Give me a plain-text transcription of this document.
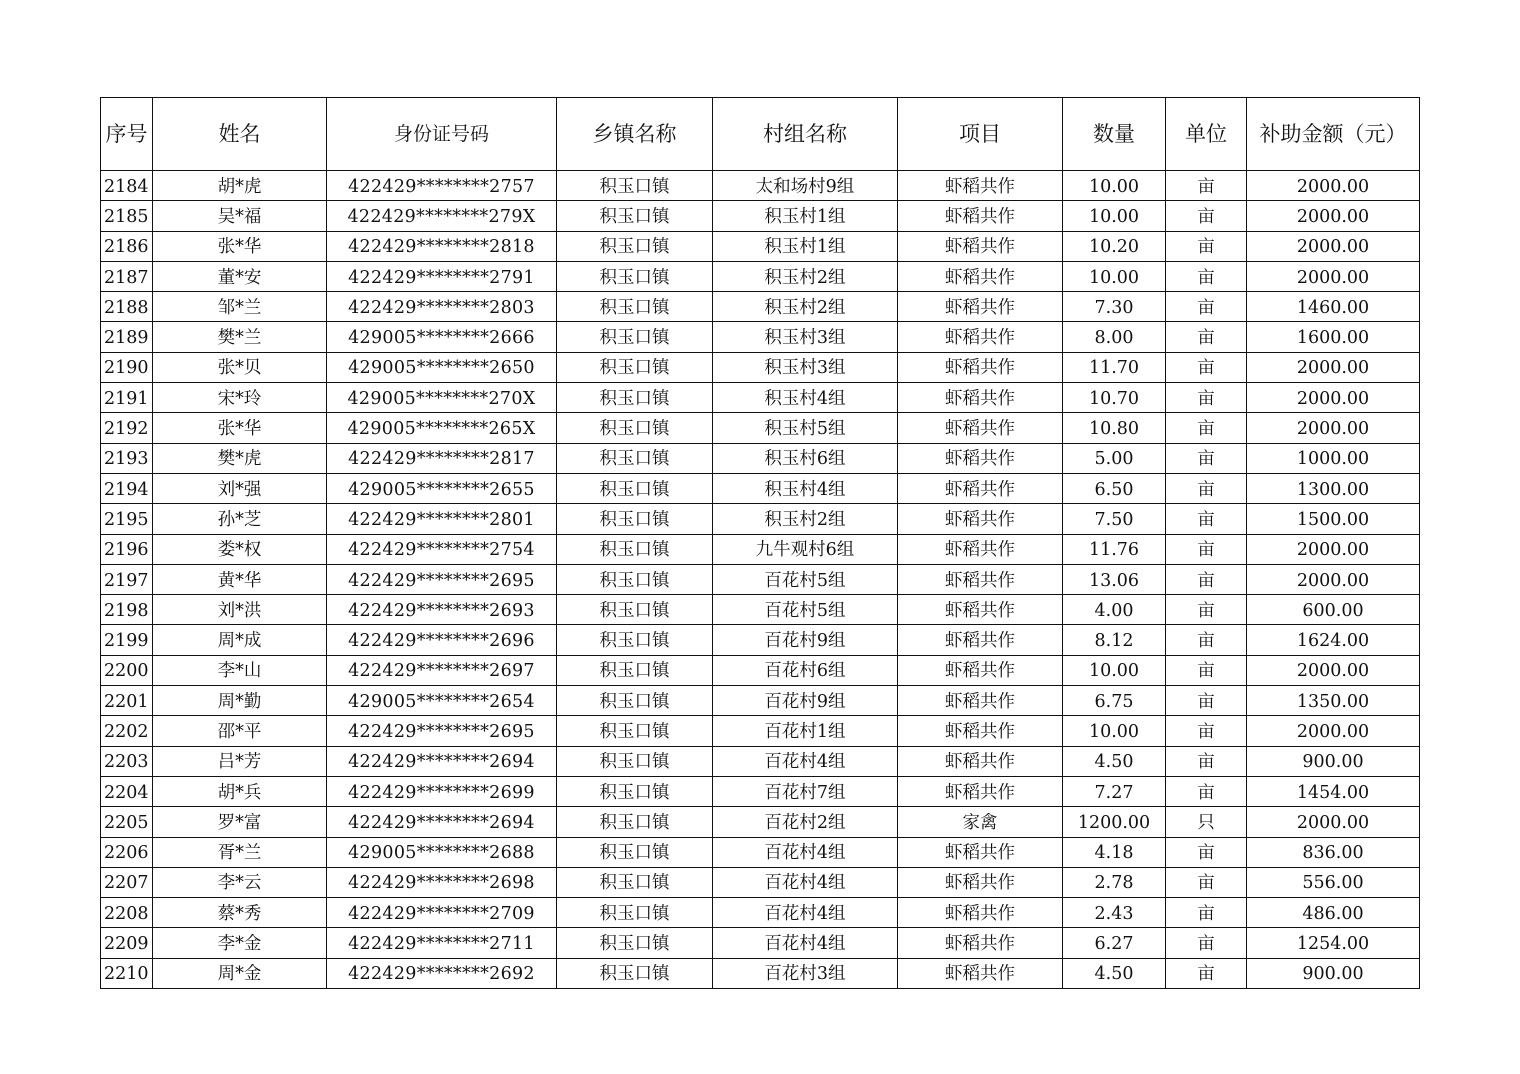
序号	姓名	身份证号码	乡镇名称	村组名称	项目	数量	单位	补助金额（元）
2184	胡*虎	422429********2757	积玉口镇	太和场村9组	虾稻共作	10.00	亩	2000.00
2185	吴*福	422429********279X	积玉口镇	积玉村1组	虾稻共作	10.00	亩	2000.00
2186	张*华	422429********2818	积玉口镇	积玉村1组	虾稻共作	10.20	亩	2000.00
2187	董*安	422429********2791	积玉口镇	积玉村2组	虾稻共作	10.00	亩	2000.00
2188	邹*兰	422429********2803	积玉口镇	积玉村2组	虾稻共作	7.30	亩	1460.00
2189	樊*兰	429005********2666	积玉口镇	积玉村3组	虾稻共作	8.00	亩	1600.00
2190	张*贝	429005********2650	积玉口镇	积玉村3组	虾稻共作	11.70	亩	2000.00
2191	宋*玲	429005********270X	积玉口镇	积玉村4组	虾稻共作	10.70	亩	2000.00
2192	张*华	429005********265X	积玉口镇	积玉村5组	虾稻共作	10.80	亩	2000.00
2193	樊*虎	422429********2817	积玉口镇	积玉村6组	虾稻共作	5.00	亩	1000.00
2194	刘*强	429005********2655	积玉口镇	积玉村4组	虾稻共作	6.50	亩	1300.00
2195	孙*芝	422429********2801	积玉口镇	积玉村2组	虾稻共作	7.50	亩	1500.00
2196	娄*权	422429********2754	积玉口镇	九牛观村6组	虾稻共作	11.76	亩	2000.00
2197	黄*华	422429********2695	积玉口镇	百花村5组	虾稻共作	13.06	亩	2000.00
2198	刘*洪	422429********2693	积玉口镇	百花村5组	虾稻共作	4.00	亩	600.00
2199	周*成	422429********2696	积玉口镇	百花村9组	虾稻共作	8.12	亩	1624.00
2200	李*山	422429********2697	积玉口镇	百花村6组	虾稻共作	10.00	亩	2000.00
2201	周*勤	429005********2654	积玉口镇	百花村9组	虾稻共作	6.75	亩	1350.00
2202	邵*平	422429********2695	积玉口镇	百花村1组	虾稻共作	10.00	亩	2000.00
2203	吕*芳	422429********2694	积玉口镇	百花村4组	虾稻共作	4.50	亩	900.00
2204	胡*兵	422429********2699	积玉口镇	百花村7组	虾稻共作	7.27	亩	1454.00
2205	罗*富	422429********2694	积玉口镇	百花村2组	家禽	1200.00	只	2000.00
2206	胥*兰	429005********2688	积玉口镇	百花村4组	虾稻共作	4.18	亩	836.00
2207	李*云	422429********2698	积玉口镇	百花村4组	虾稻共作	2.78	亩	556.00
2208	蔡*秀	422429********2709	积玉口镇	百花村4组	虾稻共作	2.43	亩	486.00
2209	李*金	422429********2711	积玉口镇	百花村4组	虾稻共作	6.27	亩	1254.00
2210	周*金	422429********2692	积玉口镇	百花村3组	虾稻共作	4.50	亩	900.00
